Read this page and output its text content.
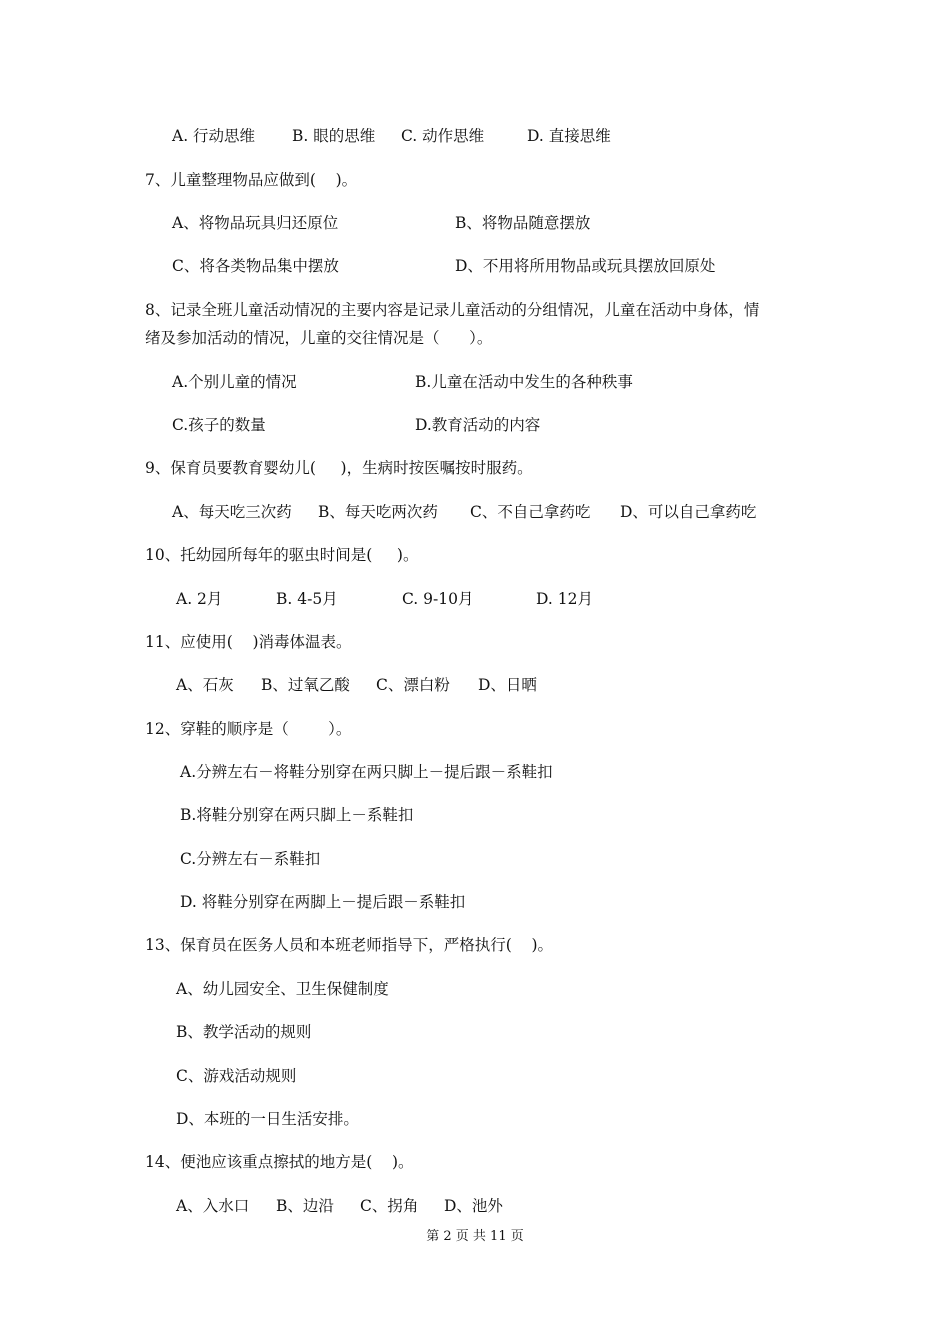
A. 行动思维 B. 眼的思维 C. 动作思维	D. 直接思维
7、儿童整理物品应做到(    )。
A、将物品玩具归还原位	B、将物品随意摆放
C、将各类物品集中摆放	D、不用将所用物品或玩具摆放回原处
8、记录全班儿童活动情况的主要内容是记录儿童活动的分组情况，儿童在活动中身体，情
绪及参加活动的情况，儿童的交往情况是（      ）。
A.个别儿童的情况	B.儿童在活动中发生的各种秩事
C.孩子的数量	D.教育活动的内容
9、保育员要教育婴幼儿(     )，生病时按医嘱按时服药。
A、每天吃三次药 B、每天吃两次药 C、不自己拿药吃 D、可以自己拿药吃
10、托幼园所每年的驱虫时间是(     )。
A. 2月	B. 4-5月	C. 9-10月	D. 12月
11、应使用(    )消毒体温表。
A、石灰 B、过氧乙酸 C、漂白粉 D、日晒
12、穿鞋的顺序是（        ）。
A.分辨左右－将鞋分别穿在两只脚上－提后跟－系鞋扣
B.将鞋分别穿在两只脚上－系鞋扣
C.分辨左右－系鞋扣
D. 将鞋分别穿在两脚上－提后跟－系鞋扣
13、保育员在医务人员和本班老师指导下，严格执行(    )。
A、幼儿园安全、卫生保健制度
B、教学活动的规则
C、游戏活动规则
D、本班的一日生活安排。
14、便池应该重点擦拭的地方是(    )。
A、入水口 B、边沿 C、拐角 D、池外
第 2 页 共 11 页
